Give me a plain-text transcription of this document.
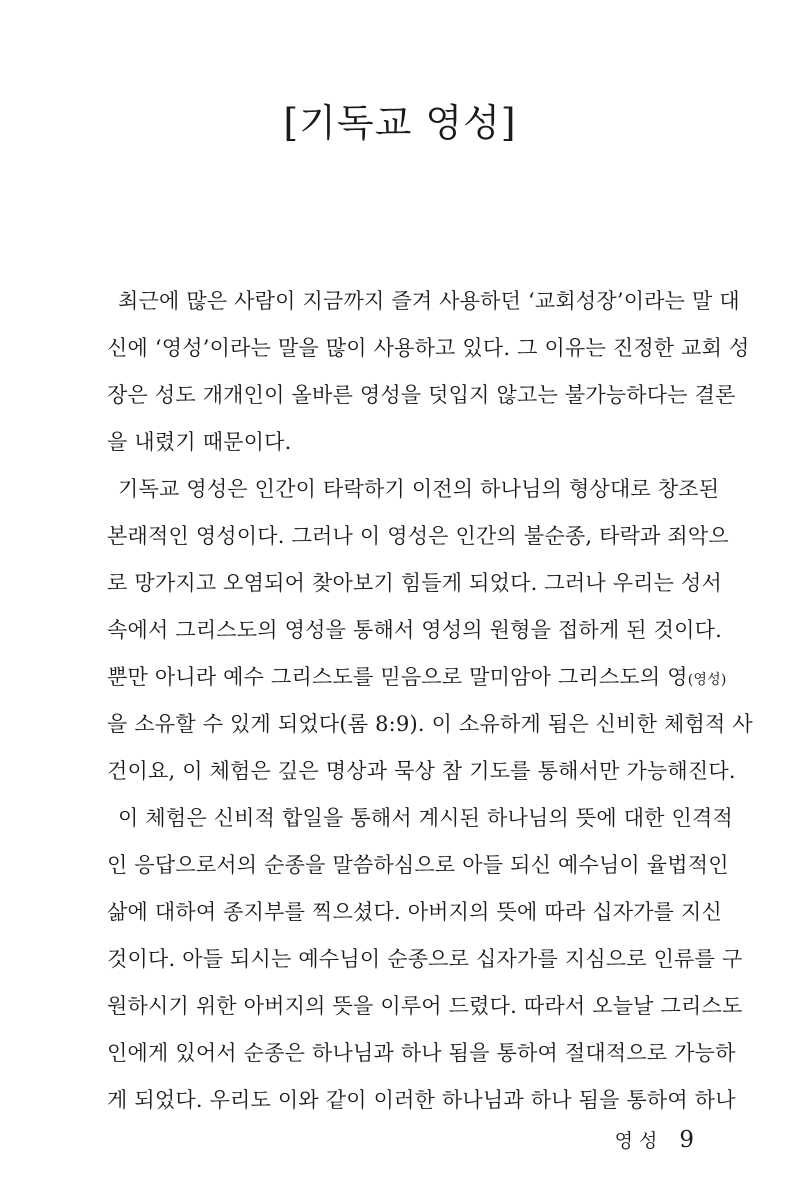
[기독교 영성]
최근에 많은 사람이 지금까지 즐겨 사용하던 ‘교회성장’이라는 말 대
신에 ‘영성’이라는 말을 많이 사용하고 있다. 그 이유는 진정한 교회 성
장은 성도 개개인이 올바른 영성을 덧입지 않고는 불가능하다는 결론
을 내렸기 때문이다.
기독교 영성은 인간이 타락하기 이전의 하나님의 형상대로 창조된
본래적인 영성이다. 그러나 이 영성은 인간의 불순종, 타락과 죄악으
로 망가지고 오염되어 찾아보기 힘들게 되었다. 그러나 우리는 성서
속에서 그리스도의 영성을 통해서 영성의 원형을 접하게 된 것이다.
뿐만 아니라 예수 그리스도를 믿음으로 말미암아 그리스도의 영(영성)
을 소유할 수 있게 되었다(롬 8:9). 이 소유하게 됨은 신비한 체험적 사
건이요, 이 체험은 깊은 명상과 묵상 참 기도를 통해서만 가능해진다.
이 체험은 신비적 합일을 통해서 계시된 하나님의 뜻에 대한 인격적
인 응답으로서의 순종을 말씀하심으로 아들 되신 예수님이 율법적인
삶에 대하여 종지부를 찍으셨다. 아버지의 뜻에 따라 십자가를 지신
것이다. 아들 되시는 예수님이 순종으로 십자가를 지심으로 인류를 구
원하시기 위한 아버지의 뜻을 이루어 드렸다. 따라서 오늘날 그리스도
인에게 있어서 순종은 하나님과 하나 됨을 통하여 절대적으로 가능하
게 되었다. 우리도 이와 같이 이러한 하나님과 하나 됨을 통하여 하나
영 성 9
